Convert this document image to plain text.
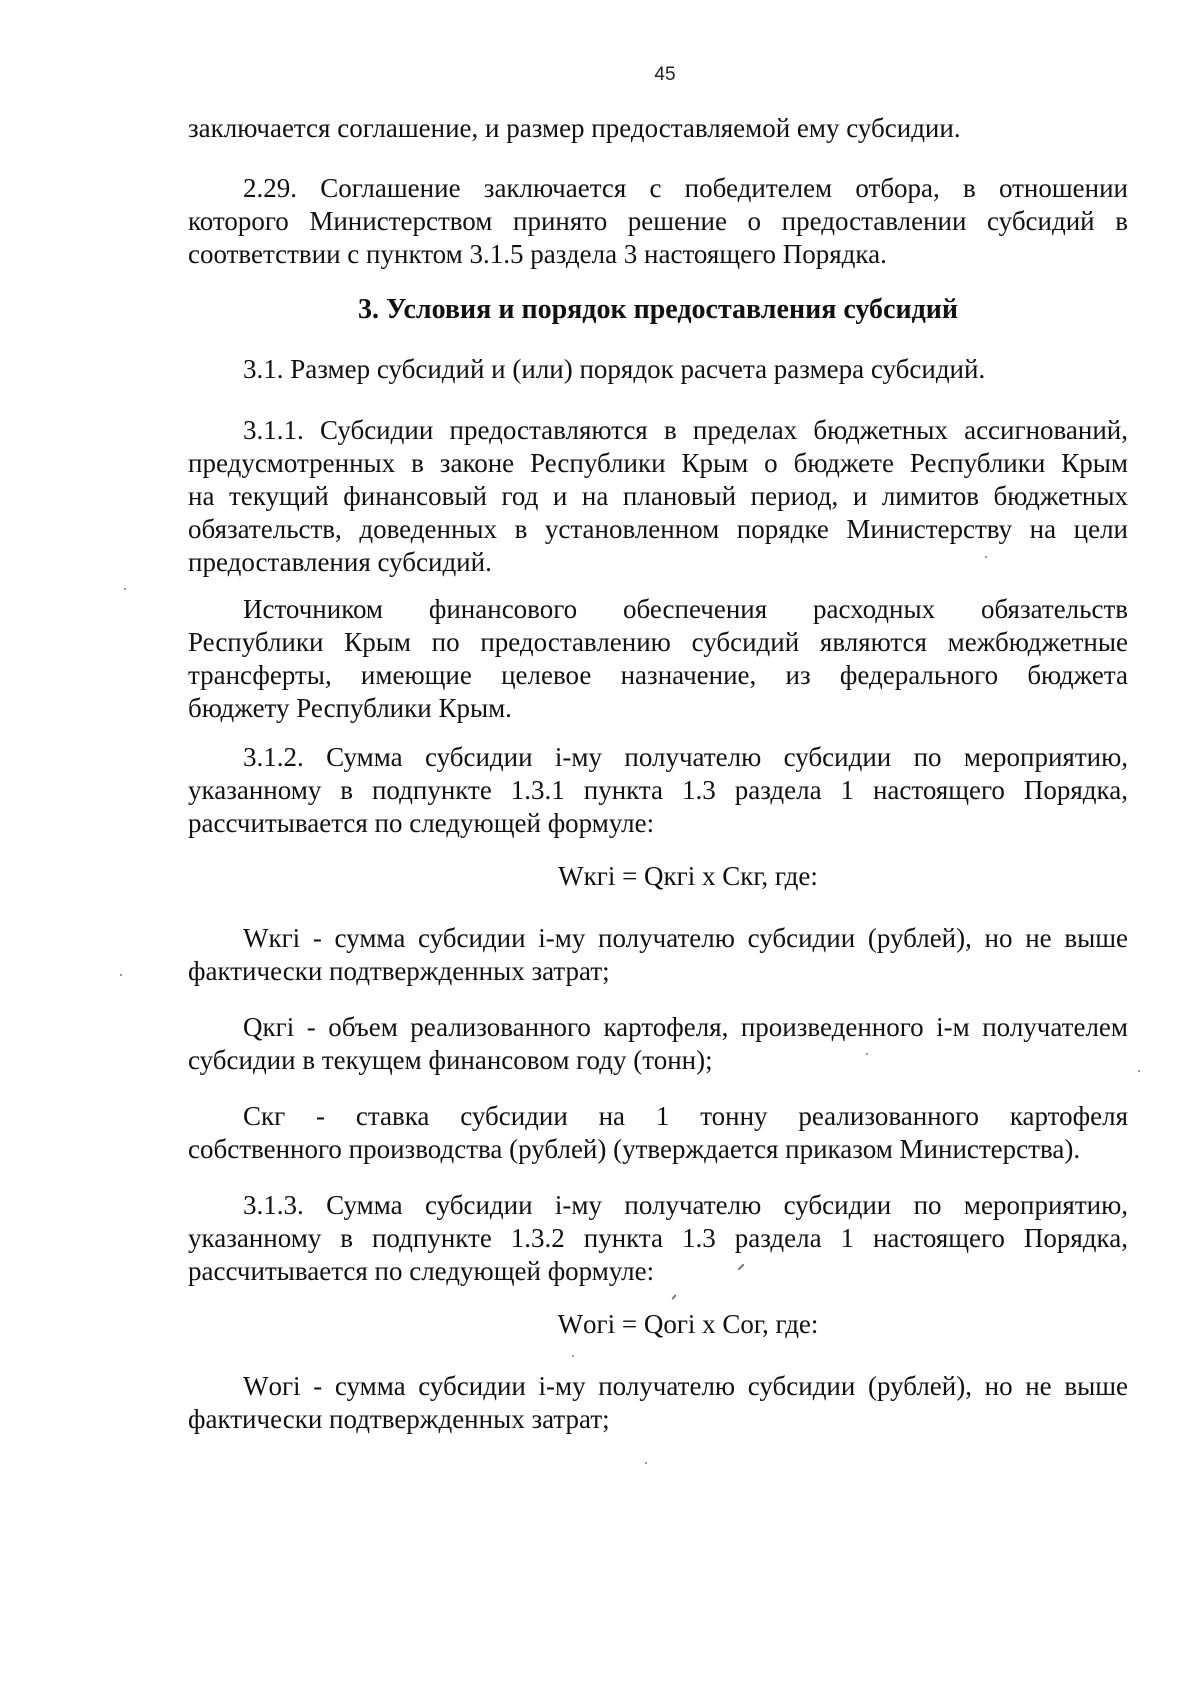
45

заключается соглашение, и размер предоставляемой ему субсидии.

2.29. Соглашение заключается с победителем отбора, в отношении
которого Министерством принято решение о предоставлении субсидий в
соответствии с пунктом 3.1.5 раздела 3 настоящего Порядка.

3. Условия и порядок предоставления субсидий

3.1. Размер субсидий и (или) порядок расчета размера субсидий.

3.1.1. Субсидии предоставляются в пределах бюджетных ассигнований,
предусмотренных в законе Республики Крым о бюджете Республики Крым
на текущий финансовый год и на плановый период, и лимитов бюджетных
обязательств, доведенных в установленном порядке Министерству на цели
предоставления субсидий.

Источником финансового обеспечения расходных обязательств
Республики Крым по предоставлению субсидий являются межбюджетные
трансферты, имеющие целевое назначение, из федерального бюджета
бюджету Республики Крым.

3.1.2. Сумма субсидии i-му получателю субсидии по мероприятию,
указанному в подпункте 1.3.1 пункта 1.3 раздела 1 настоящего Порядка,
рассчитывается по следующей формуле:

Wкгi = Qкгi х Скг, где:

Wкгi - сумма субсидии i-му получателю субсидии (рублей), но не выше
фактически подтвержденных затрат;

Qкгi - объем реализованного картофеля, произведенного i-м получателем
субсидии в текущем финансовом году (тонн);

Скг - ставка субсидии на 1 тонну реализованного картофеля
собственного производства (рублей) (утверждается приказом Министерства).

3.1.3. Сумма субсидии i-му получателю субсидии по мероприятию,
указанному в подпункте 1.3.2 пункта 1.3 раздела 1 настоящего Порядка,
рассчитывается по следующей формуле:

Wогi = Qогi х Сог, где:

Wогi - сумма субсидии i-му получателю субсидии (рублей), но не выше
фактически подтвержденных затрат;
